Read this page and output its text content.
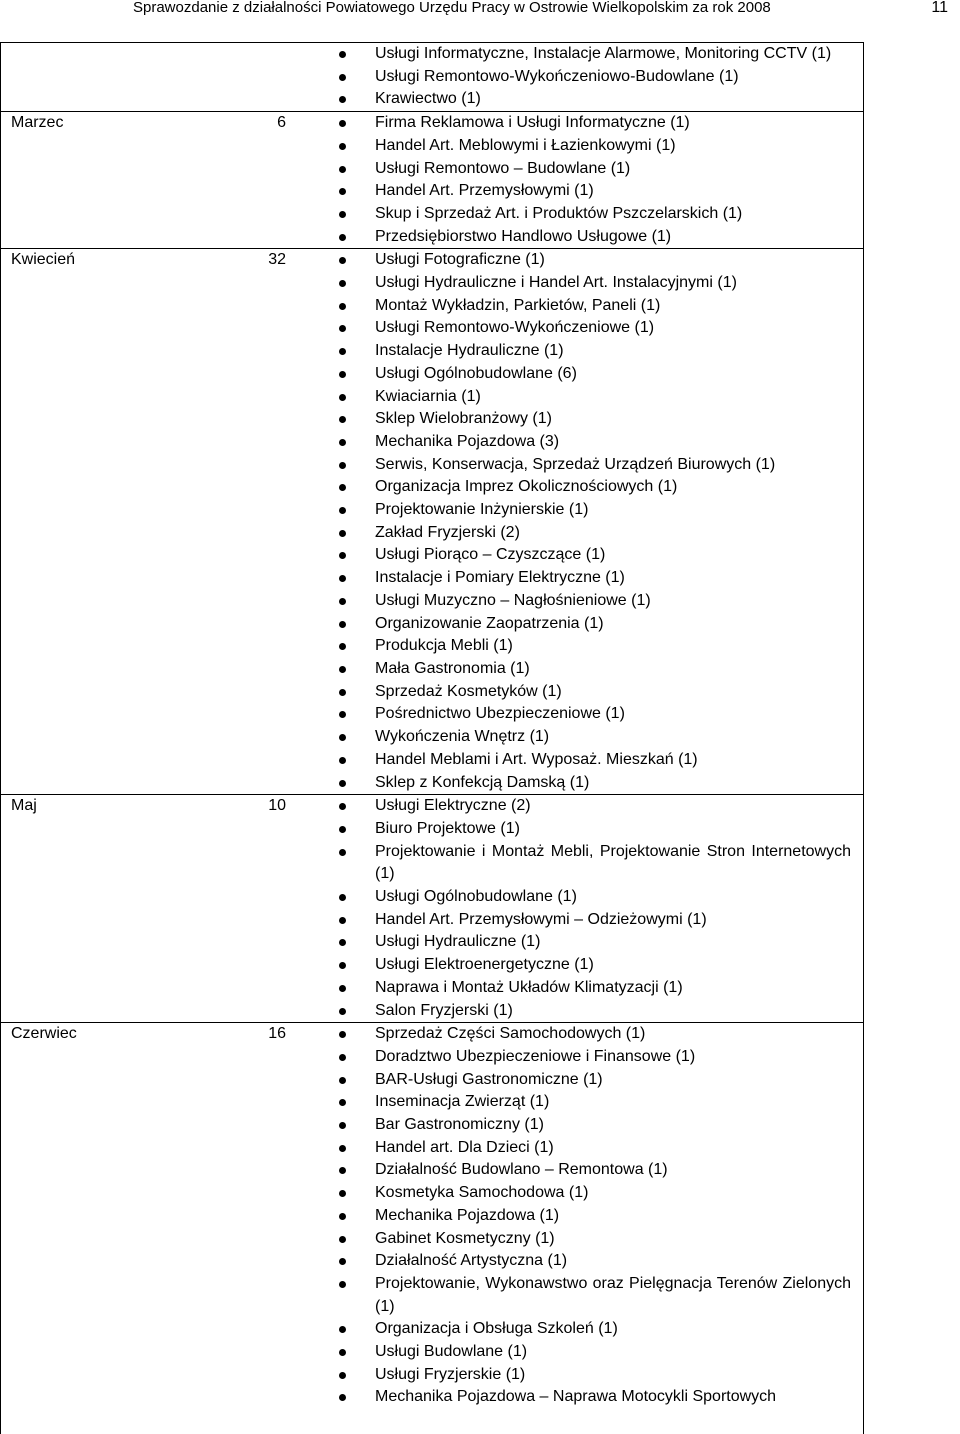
Sprawozdanie z działalności Powiatowego Urzędu Pracy w Ostrowie Wielkopolskim za rok 2008	11
Usługi Informatyczne, Instalacje Alarmowe, Monitoring CCTV (1)
Usługi Remontowo-Wykończeniowo-Budowlane (1)
Krawiectwo (1)
Marzec	6	Firma Reklamowa i Usługi Informatyczne (1)
Handel Art. Meblowymi i Łazienkowymi (1)
Usługi Remontowo – Budowlane (1)
Handel Art. Przemysłowymi (1)
Skup i Sprzedaż Art. i Produktów Pszczelarskich (1)
Przedsiębiorstwo Handlowo Usługowe (1)
Kwiecień	32	Usługi Fotograficzne (1)
Usługi Hydrauliczne i Handel Art. Instalacyjnymi (1)
Montaż Wykładzin, Parkietów, Paneli (1)
Usługi Remontowo-Wykończeniowe (1)
Instalacje Hydrauliczne (1)
Usługi Ogólnobudowlane (6)
Kwiaciarnia (1)
Sklep Wielobranżowy (1)
Mechanika Pojazdowa (3)
Serwis, Konserwacja, Sprzedaż Urządzeń Biurowych (1)
Organizacja Imprez Okolicznościowych (1)
Projektowanie Inżynierskie (1)
Zakład Fryzjerski (2)
Usługi Piorąco – Czyszczące (1)
Instalacje i Pomiary Elektryczne (1)
Usługi Muzyczno – Nagłośnieniowe (1)
Organizowanie Zaopatrzenia (1)
Produkcja Mebli (1)
Mała Gastronomia (1)
Sprzedaż Kosmetyków (1)
Pośrednictwo Ubezpieczeniowe (1)
Wykończenia Wnętrz (1)
Handel Meblami i Art. Wyposaż. Mieszkań (1)
Sklep z Konfekcją Damską (1)
Maj	10	Usługi Elektryczne (2)
Biuro Projektowe (1)
Projektowanie i Montaż Mebli, Projektowanie Stron Internetowych (1)
Usługi Ogólnobudowlane (1)
Handel Art. Przemysłowymi – Odzieżowymi (1)
Usługi Hydrauliczne (1)
Usługi Elektroenergetyczne (1)
Naprawa i Montaż Układów Klimatyzacji (1)
Salon Fryzjerski (1)
Czerwiec	16	Sprzedaż Części Samochodowych (1)
Doradztwo Ubezpieczeniowe i Finansowe (1)
BAR-Usługi Gastronomiczne (1)
Inseminacja Zwierząt (1)
Bar Gastronomiczny (1)
Handel art. Dla Dzieci (1)
Działalność Budowlano – Remontowa (1)
Kosmetyka Samochodowa (1)
Mechanika Pojazdowa (1)
Gabinet Kosmetyczny (1)
Działalność Artystyczna (1)
Projektowanie, Wykonawstwo oraz Pielęgnacja Terenów Zielonych (1)
Organizacja i Obsługa Szkoleń (1)
Usługi Budowlane (1)
Usługi Fryzjerskie (1)
Mechanika Pojazdowa – Naprawa Motocykli Sportowych
